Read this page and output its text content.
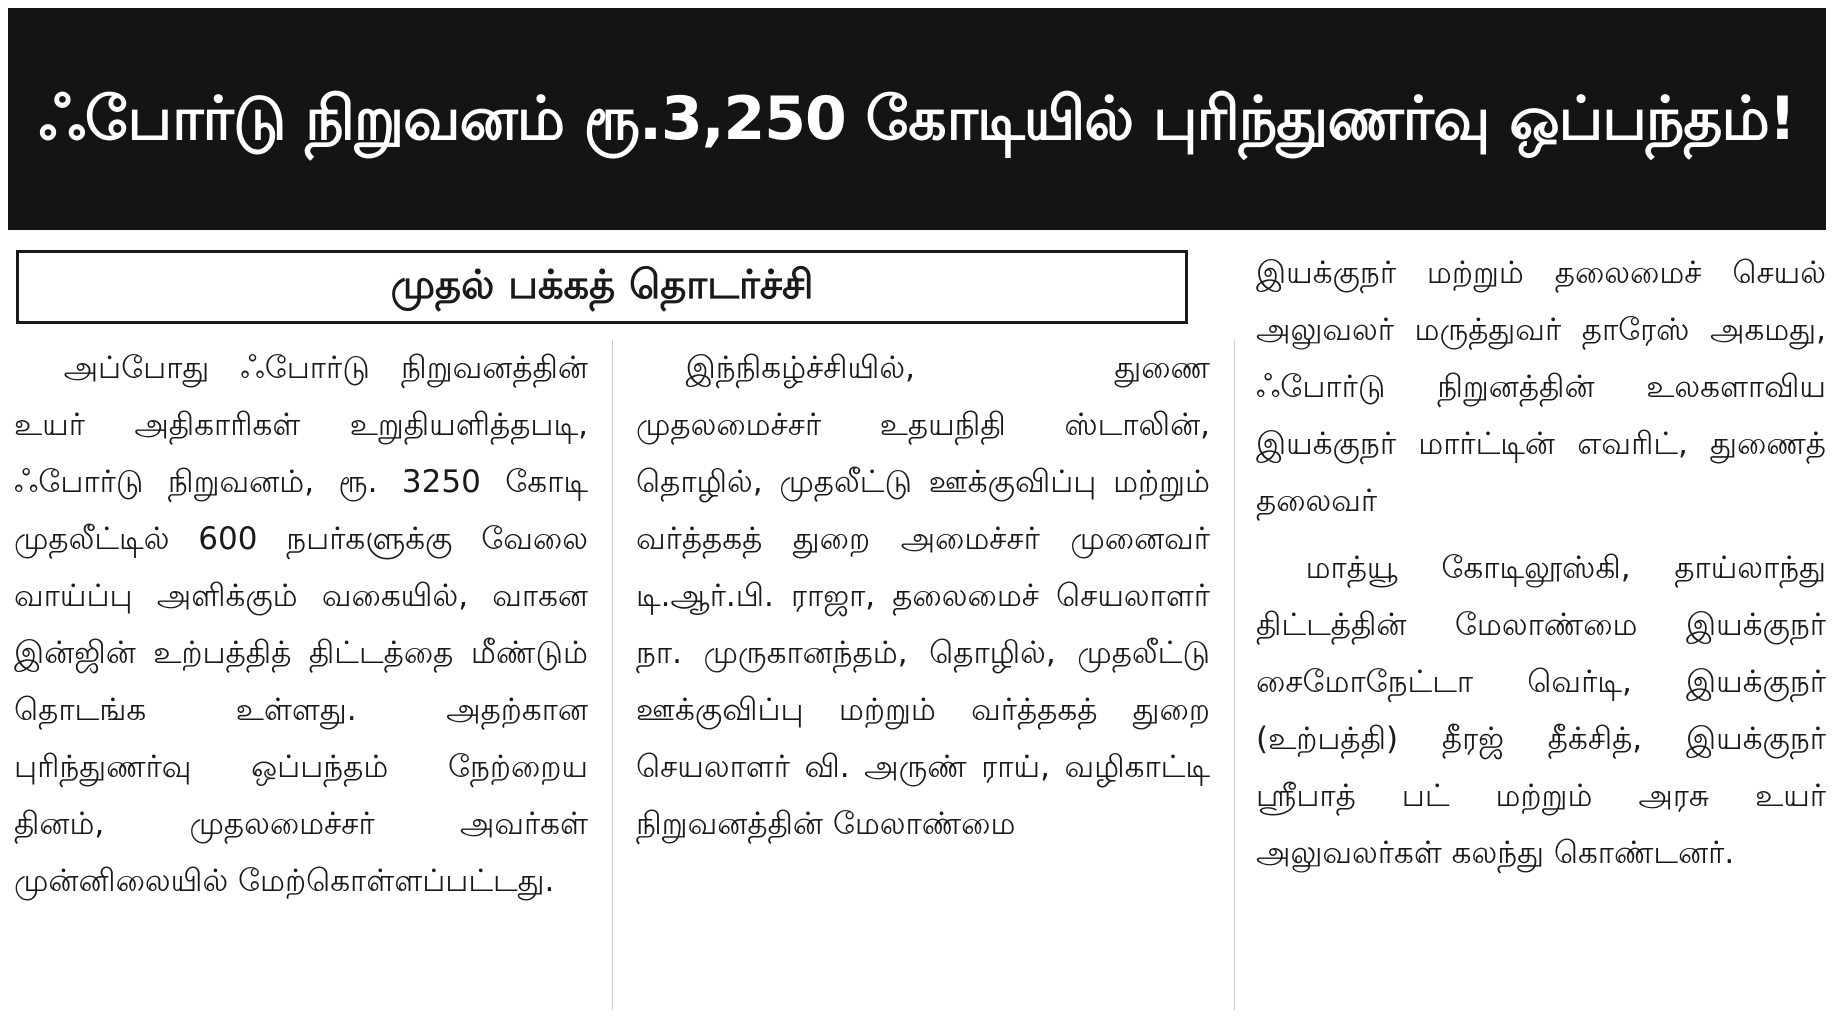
ஃபோர்டு நிறுவனம் ரூ.3,250 கோடியில் புரிந்துணர்வு ஒப்பந்தம்!
முதல் பக்கத் தொடர்ச்சி

அப்போது ஃபோர்டு நிறுவனத்தின் உயர் அதிகாரிகள் உறுதியளித்தபடி, ஃபோர்டு நிறுவனம், ரூ. 3250 கோடி முதலீட்டில் 600 நபர்களுக்கு வேலை வாய்ப்பு அளிக்கும் வகையில், வாகன இன்ஜின் உற்பத்தித் திட்டத்தை மீண்டும் தொடங்க உள்ளது. அதற்கான புரிந்துணர்வு ஒப்பந்தம் நேற்றைய தினம், முதலமைச்சர் அவர்கள் முன்னிலையில் மேற்கொள்ளப்பட்டது.

இந்நிகழ்ச்சியில், துணை முதலமைச்சர் உதயநிதி ஸ்டாலின், தொழில், முதலீட்டு ஊக்குவிப்பு மற்றும் வர்த்தகத் துறை அமைச்சர் முனைவர் டி.ஆர்.பி. ராஜா, தலைமைச் செயலாளர் நா. முருகானந்தம், தொழில், முதலீட்டு ஊக்குவிப்பு மற்றும் வர்த்தகத் துறை செயலாளர் வி. அருண் ராய், வழிகாட்டி நிறுவனத்தின் மேலாண்மை

இயக்குநர் மற்றும் தலைமைச் செயல் அலுவலர் மருத்துவர் தாரேஸ் அகமது, ஃபோர்டு நிறுனத்தின் உலகளாவிய இயக்குநர் மார்ட்டின் எவரிட், துணைத் தலைவர்

மாத்யூ கோடிலூஸ்கி, தாய்லாந்து திட்டத்தின் மேலாண்மை இயக்குநர் சைமோநேட்டா வெர்டி, இயக்குநர் (உற்பத்தி) தீரஜ் தீக்சித், இயக்குநர் ஸ்ரீபாத் பட் மற்றும் அரசு உயர் அலுவலர்கள் கலந்து கொண்டனர்.
